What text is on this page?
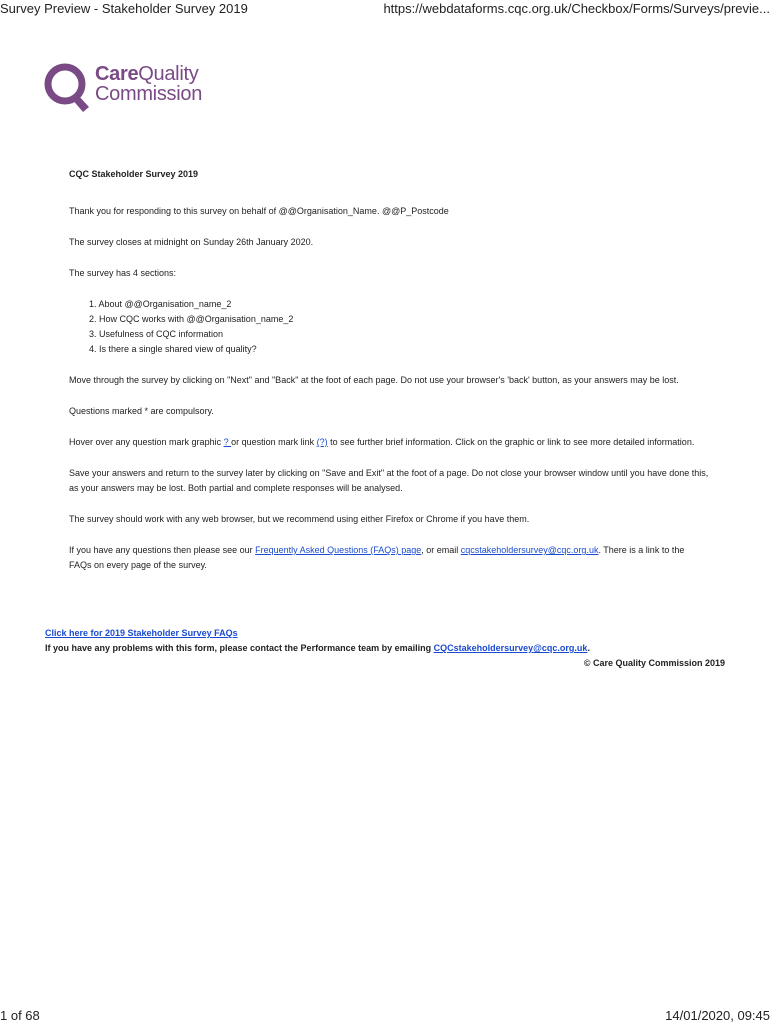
Survey Preview - Stakeholder Survey 2019	https://webdataforms.cqc.org.uk/Checkbox/Forms/Surveys/previe...
CareQuality
Commission

CQC Stakeholder Survey 2019

Thank you for responding to this survey on behalf of @@Organisation_Name. @@P_Postcode

The survey closes at midnight on Sunday 26th January 2020.

The survey has 4 sections:

1. About @@Organisation_name_2
2. How CQC works with @@Organisation_name_2
3. Usefulness of CQC information
4. Is there a single shared view of quality?

Move through the survey by clicking on "Next" and "Back" at the foot of each page. Do not use your browser's 'back' button, as your answers may be lost.

Questions marked * are compulsory.

Hover over any question mark graphic ? or question mark link (?) to see further brief information. Click on the graphic or link to see more detailed information.

Save your answers and return to the survey later by clicking on "Save and Exit" at the foot of a page. Do not close your browser window until you have done this, as your answers may be lost. Both partial and complete responses will be analysed.

The survey should work with any web browser, but we recommend using either Firefox or Chrome if you have them.

If you have any questions then please see our Frequently Asked Questions (FAQs) page, or email cqcstakeholdersurvey@cqc.org.uk. There is a link to the FAQs on every page of the survey.

Click here for 2019 Stakeholder Survey FAQs
If you have any problems with this form, please contact the Performance team by emailing CQCstakeholdersurvey@cqc.org.uk.
© Care Quality Commission 2019
1 of 68	14/01/2020, 09:45
